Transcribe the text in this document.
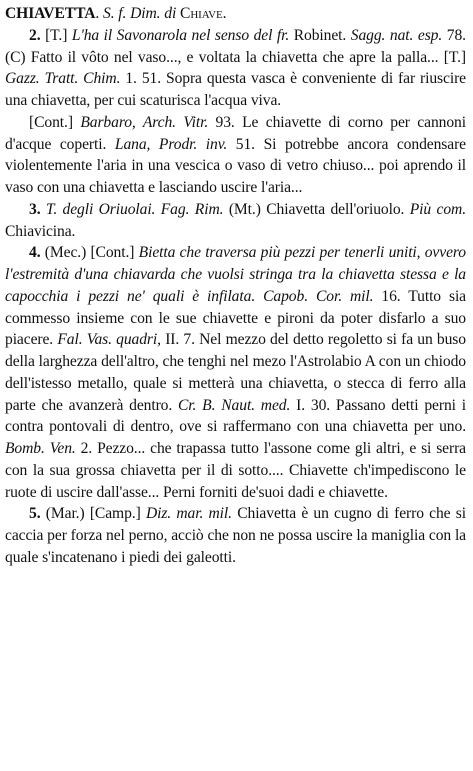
CHIAVETTA. S. f. Dim. di Chiave.

2. [T.] L'ha il Savonarola nel senso del fr. Robinet. Sagg. nat. esp. 78. (C) Fatto il vôto nel vaso..., e voltata la chiavetta che apre la palla... [T.] Gazz. Tratt. Chim. 1. 51. Sopra questa vasca è conveniente di far riuscire una chiavetta, per cui scaturisca l'acqua viva.

[Cont.] Barbaro, Arch. Vitr. 93. Le chiavette di corno per cannoni d'acque coperti. Lana, Prodr. inv. 51. Si potrebbe ancora condensare violentemente l'aria in una vescica o vaso di vetro chiuso... poi aprendo il vaso con una chiavetta e lasciando uscire l'aria...

3. T. degli Oriuolai. Fag. Rim. (Mt.) Chiavetta dell'oriuolo. Più com. Chiavicina.

4. (Mec.) [Cont.] Bietta che traversa più pezzi per tenerli uniti, ovvero l'estremità d'una chiavarda che vuolsi stringa tra la chiavetta stessa e la capocchia i pezzi ne' quali è infilata. Capob. Cor. mil. 16. Tutto sia commesso insieme con le sue chiavette e pironi da poter disfarlo a suo piacere. Fal. Vas. quadri, II. 7. Nel mezzo del detto regoletto si fa un buso della larghezza dell'altro, che tenghi nel mezo l'Astrolabio A con un chiodo dell'istesso metallo, quale si metterà una chiavetta, o stecca di ferro alla parte che avanzerà dentro. Cr. B. Naut. med. I. 30. Passano detti perni i contra pontovali di dentro, ove si raffermano con una chiavetta per uno. Bomb. Ven. 2. Pezzo... che trapassa tutto l'assone come gli altri, e si serra con la sua grossa chiavetta per il di sotto.... Chiavette ch'impediscono le ruote di uscire dall'asse... Perni forniti de'suoi dadi e chiavette.

5. (Mar.) [Camp.] Diz. mar. mil. Chiavetta è un cugno di ferro che si caccia per forza nel perno, acciò che non ne possa uscire la maniglia con la quale s'incatenano i piedi dei galeotti.
